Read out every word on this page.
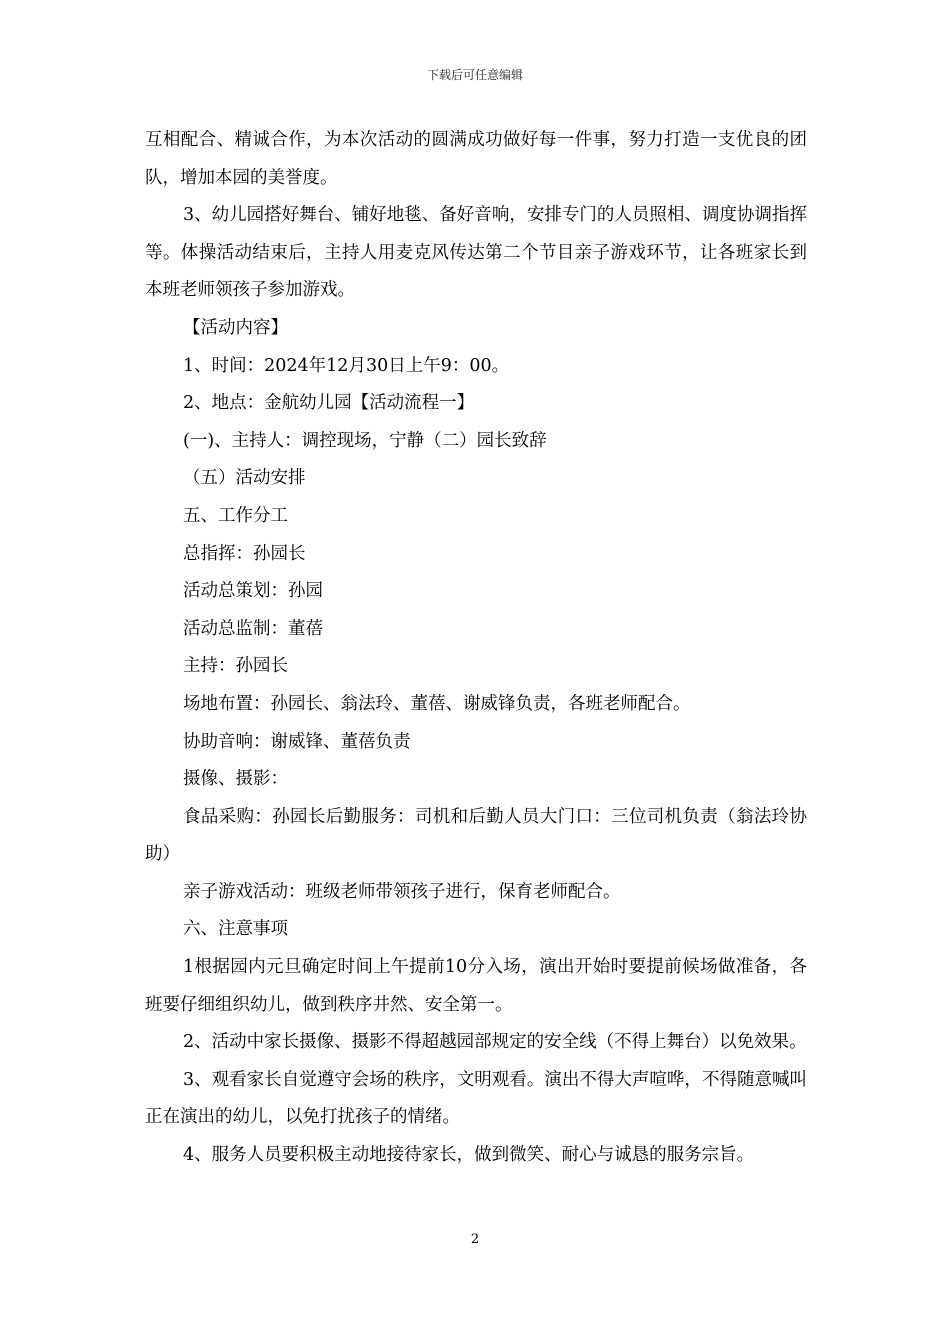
下载后可任意编辑

互相配合、精诚合作，为本次活动的圆满成功做好每一件事，努力打造一支优良的团队，增加本园的美誉度。

3、幼儿园搭好舞台、铺好地毯、备好音响，安排专门的人员照相、调度协调指挥等。体操活动结束后，主持人用麦克风传达第二个节目亲子游戏环节，让各班家长到本班老师领孩子参加游戏。

【活动内容】

1、时间：2024年12月30日上午9：00。

2、地点：金航幼儿园【活动流程一】

(一)、主持人：调控现场，宁静（二）园长致辞

（五）活动安排

五、工作分工

总指挥：孙园长

活动总策划：孙园

活动总监制：董蓓

主持：孙园长

场地布置：孙园长、翁法玲、董蓓、谢威锋负责，各班老师配合。

协助音响：谢威锋、董蓓负责

摄像、摄影：

食品采购：孙园长后勤服务：司机和后勤人员大门口：三位司机负责（翁法玲协助）

亲子游戏活动：班级老师带领孩子进行，保育老师配合。

六、注意事项

1根据园内元旦确定时间上午提前10分入场，演出开始时要提前候场做准备，各班要仔细组织幼儿，做到秩序井然、安全第一。

2、活动中家长摄像、摄影不得超越园部规定的安全线（不得上舞台）以免效果。

3、观看家长自觉遵守会场的秩序，文明观看。演出不得大声喧哗，不得随意喊叫正在演出的幼儿，以免打扰孩子的情绪。

4、服务人员要积极主动地接待家长，做到微笑、耐心与诚恳的服务宗旨。

2
